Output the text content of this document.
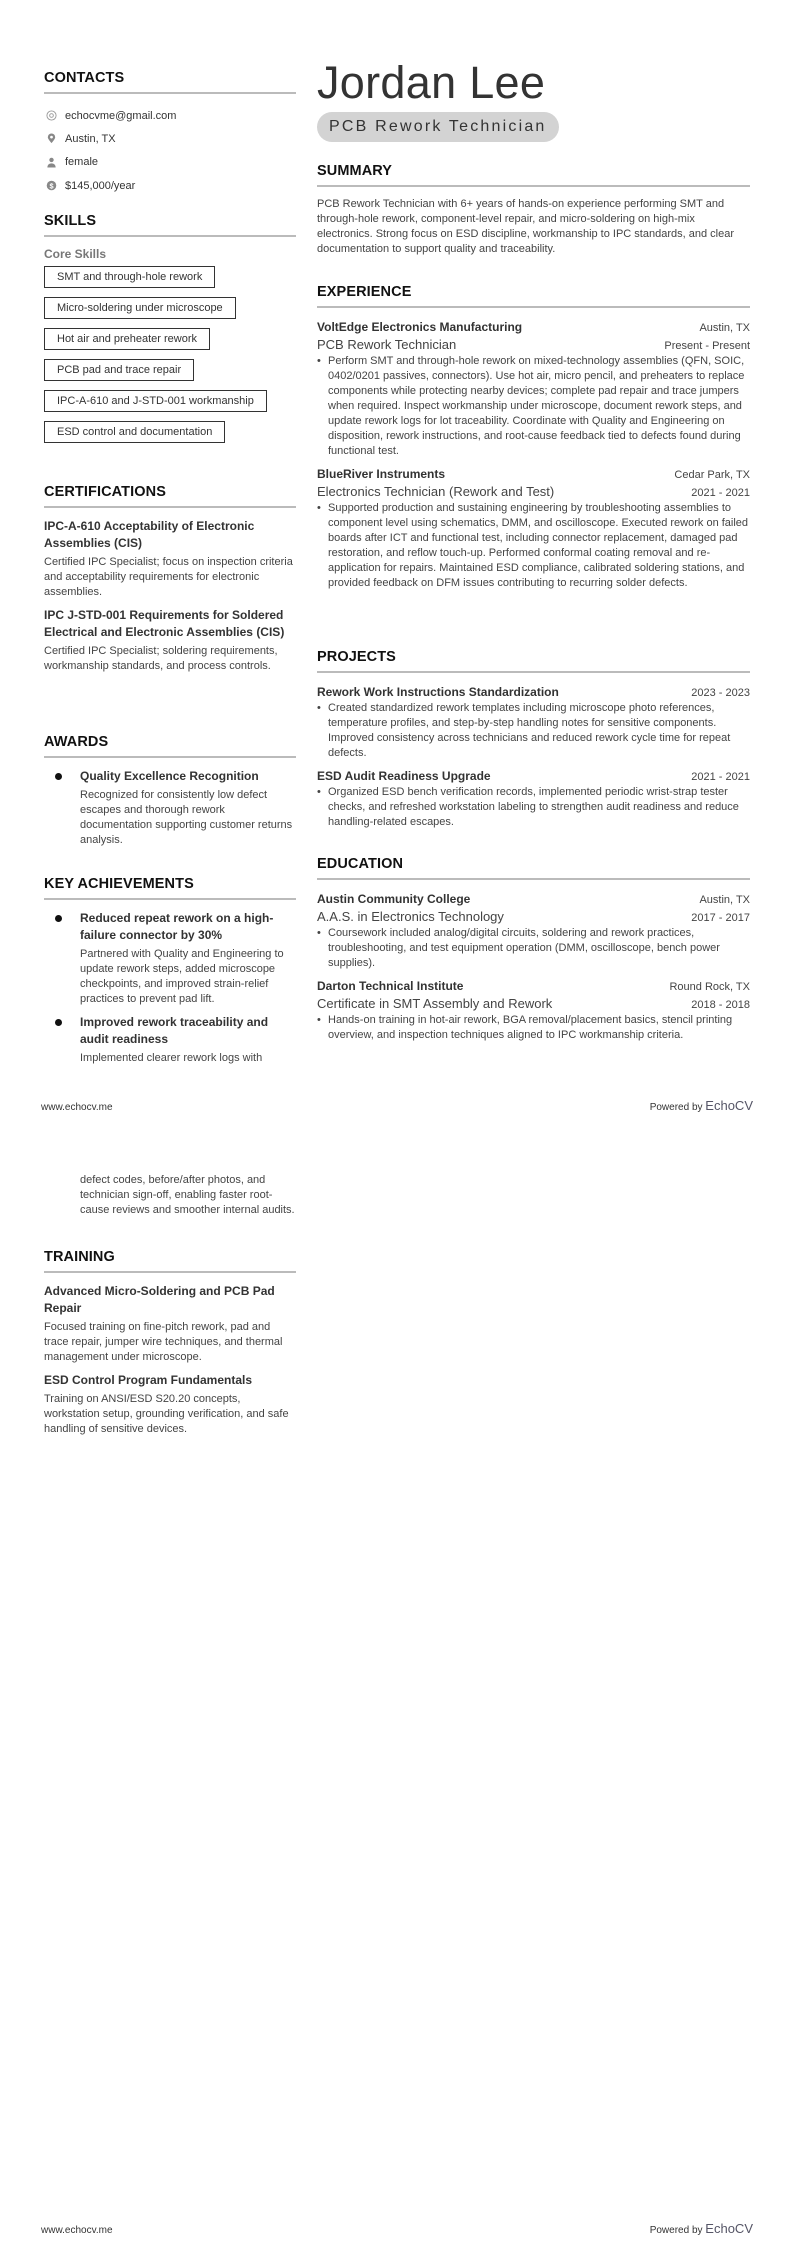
CONTACTS
echocvme@gmail.com
Austin, TX
female
$ $145,000/year
SKILLS
Core Skills
SMT and through-hole rework
Micro-soldering under microscope
Hot air and preheater rework
PCB pad and trace repair
IPC-A-610 and J-STD-001 workmanship
ESD control and documentation
CERTIFICATIONS
IPC-A-610 Acceptability of Electronic Assemblies (CIS)
Certified IPC Specialist; focus on inspection criteria and acceptability requirements for electronic assemblies.
IPC J-STD-001 Requirements for Soldered Electrical and Electronic Assemblies (CIS)
Certified IPC Specialist; soldering requirements, workmanship standards, and process controls.
AWARDS
Quality Excellence Recognition
Recognized for consistently low defect escapes and thorough rework documentation supporting customer returns analysis.
KEY ACHIEVEMENTS
Reduced repeat rework on a high-failure connector by 30%
Partnered with Quality and Engineering to update rework steps, added microscope checkpoints, and improved strain-relief practices to prevent pad lift.
Improved rework traceability and audit readiness
Implemented clearer rework logs with
Jordan Lee
PCB Rework Technician
SUMMARY

PCB Rework Technician with 6+ years of hands-on experience performing SMT and through-hole rework, component-level repair, and micro-soldering on high-mix electronics. Strong focus on ESD discipline, workmanship to IPC standards, and clear documentation to support quality and traceability.

EXPERIENCE
VoltEdge Electronics Manufacturing	Austin, TX
PCB Rework Technician	Present - Present
• Perform SMT and through-hole rework on mixed-technology assemblies (QFN, SOIC, 0402/0201 passives, connectors). Use hot air, micro pencil, and preheaters to replace components while protecting nearby devices; complete pad repair and trace jumpers when required. Inspect workmanship under microscope, document rework steps, and update rework logs for lot traceability. Coordinate with Quality and Engineering on disposition, rework instructions, and root-cause feedback tied to defects found during functional test.
BlueRiver Instruments	Cedar Park, TX
Electronics Technician (Rework and Test)	2021 - 2021
• Supported production and sustaining engineering by troubleshooting assemblies to component level using schematics, DMM, and oscilloscope. Executed rework on failed boards after ICT and functional test, including connector replacement, damaged pad restoration, and reflow touch-up. Performed conformal coating removal and re-application for repairs. Maintained ESD compliance, calibrated soldering stations, and provided feedback on DFM issues contributing to recurring solder defects.
PROJECTS
Rework Work Instructions Standardization	2023 - 2023
• Created standardized rework templates including microscope photo references, temperature profiles, and step-by-step handling notes for sensitive components. Improved consistency across technicians and reduced rework cycle time for repeat defects.
ESD Audit Readiness Upgrade	2021 - 2021
• Organized ESD bench verification records, implemented periodic wrist-strap tester checks, and refreshed workstation labeling to strengthen audit readiness and reduce handling-related escapes.
EDUCATION
Austin Community College	Austin, TX
A.A.S. in Electronics Technology	2017 - 2017
• Coursework included analog/digital circuits, soldering and rework practices, troubleshooting, and test equipment operation (DMM, oscilloscope, bench power supplies).
Darton Technical Institute	Round Rock, TX
Certificate in SMT Assembly and Rework	2018 - 2018
• Hands-on training in hot-air rework, BGA removal/placement basics, stencil printing overview, and inspection techniques aligned to IPC workmanship criteria.
www.echocv.me	Powered by EchoCV
defect codes, before/after photos, and technician sign-off, enabling faster root-cause reviews and smoother internal audits.
TRAINING
Advanced Micro-Soldering and PCB Pad Repair
Focused training on fine-pitch rework, pad and trace repair, jumper wire techniques, and thermal management under microscope.
ESD Control Program Fundamentals
Training on ANSI/ESD S20.20 concepts, workstation setup, grounding verification, and safe handling of sensitive devices.
www.echocv.me	Powered by EchoCV
